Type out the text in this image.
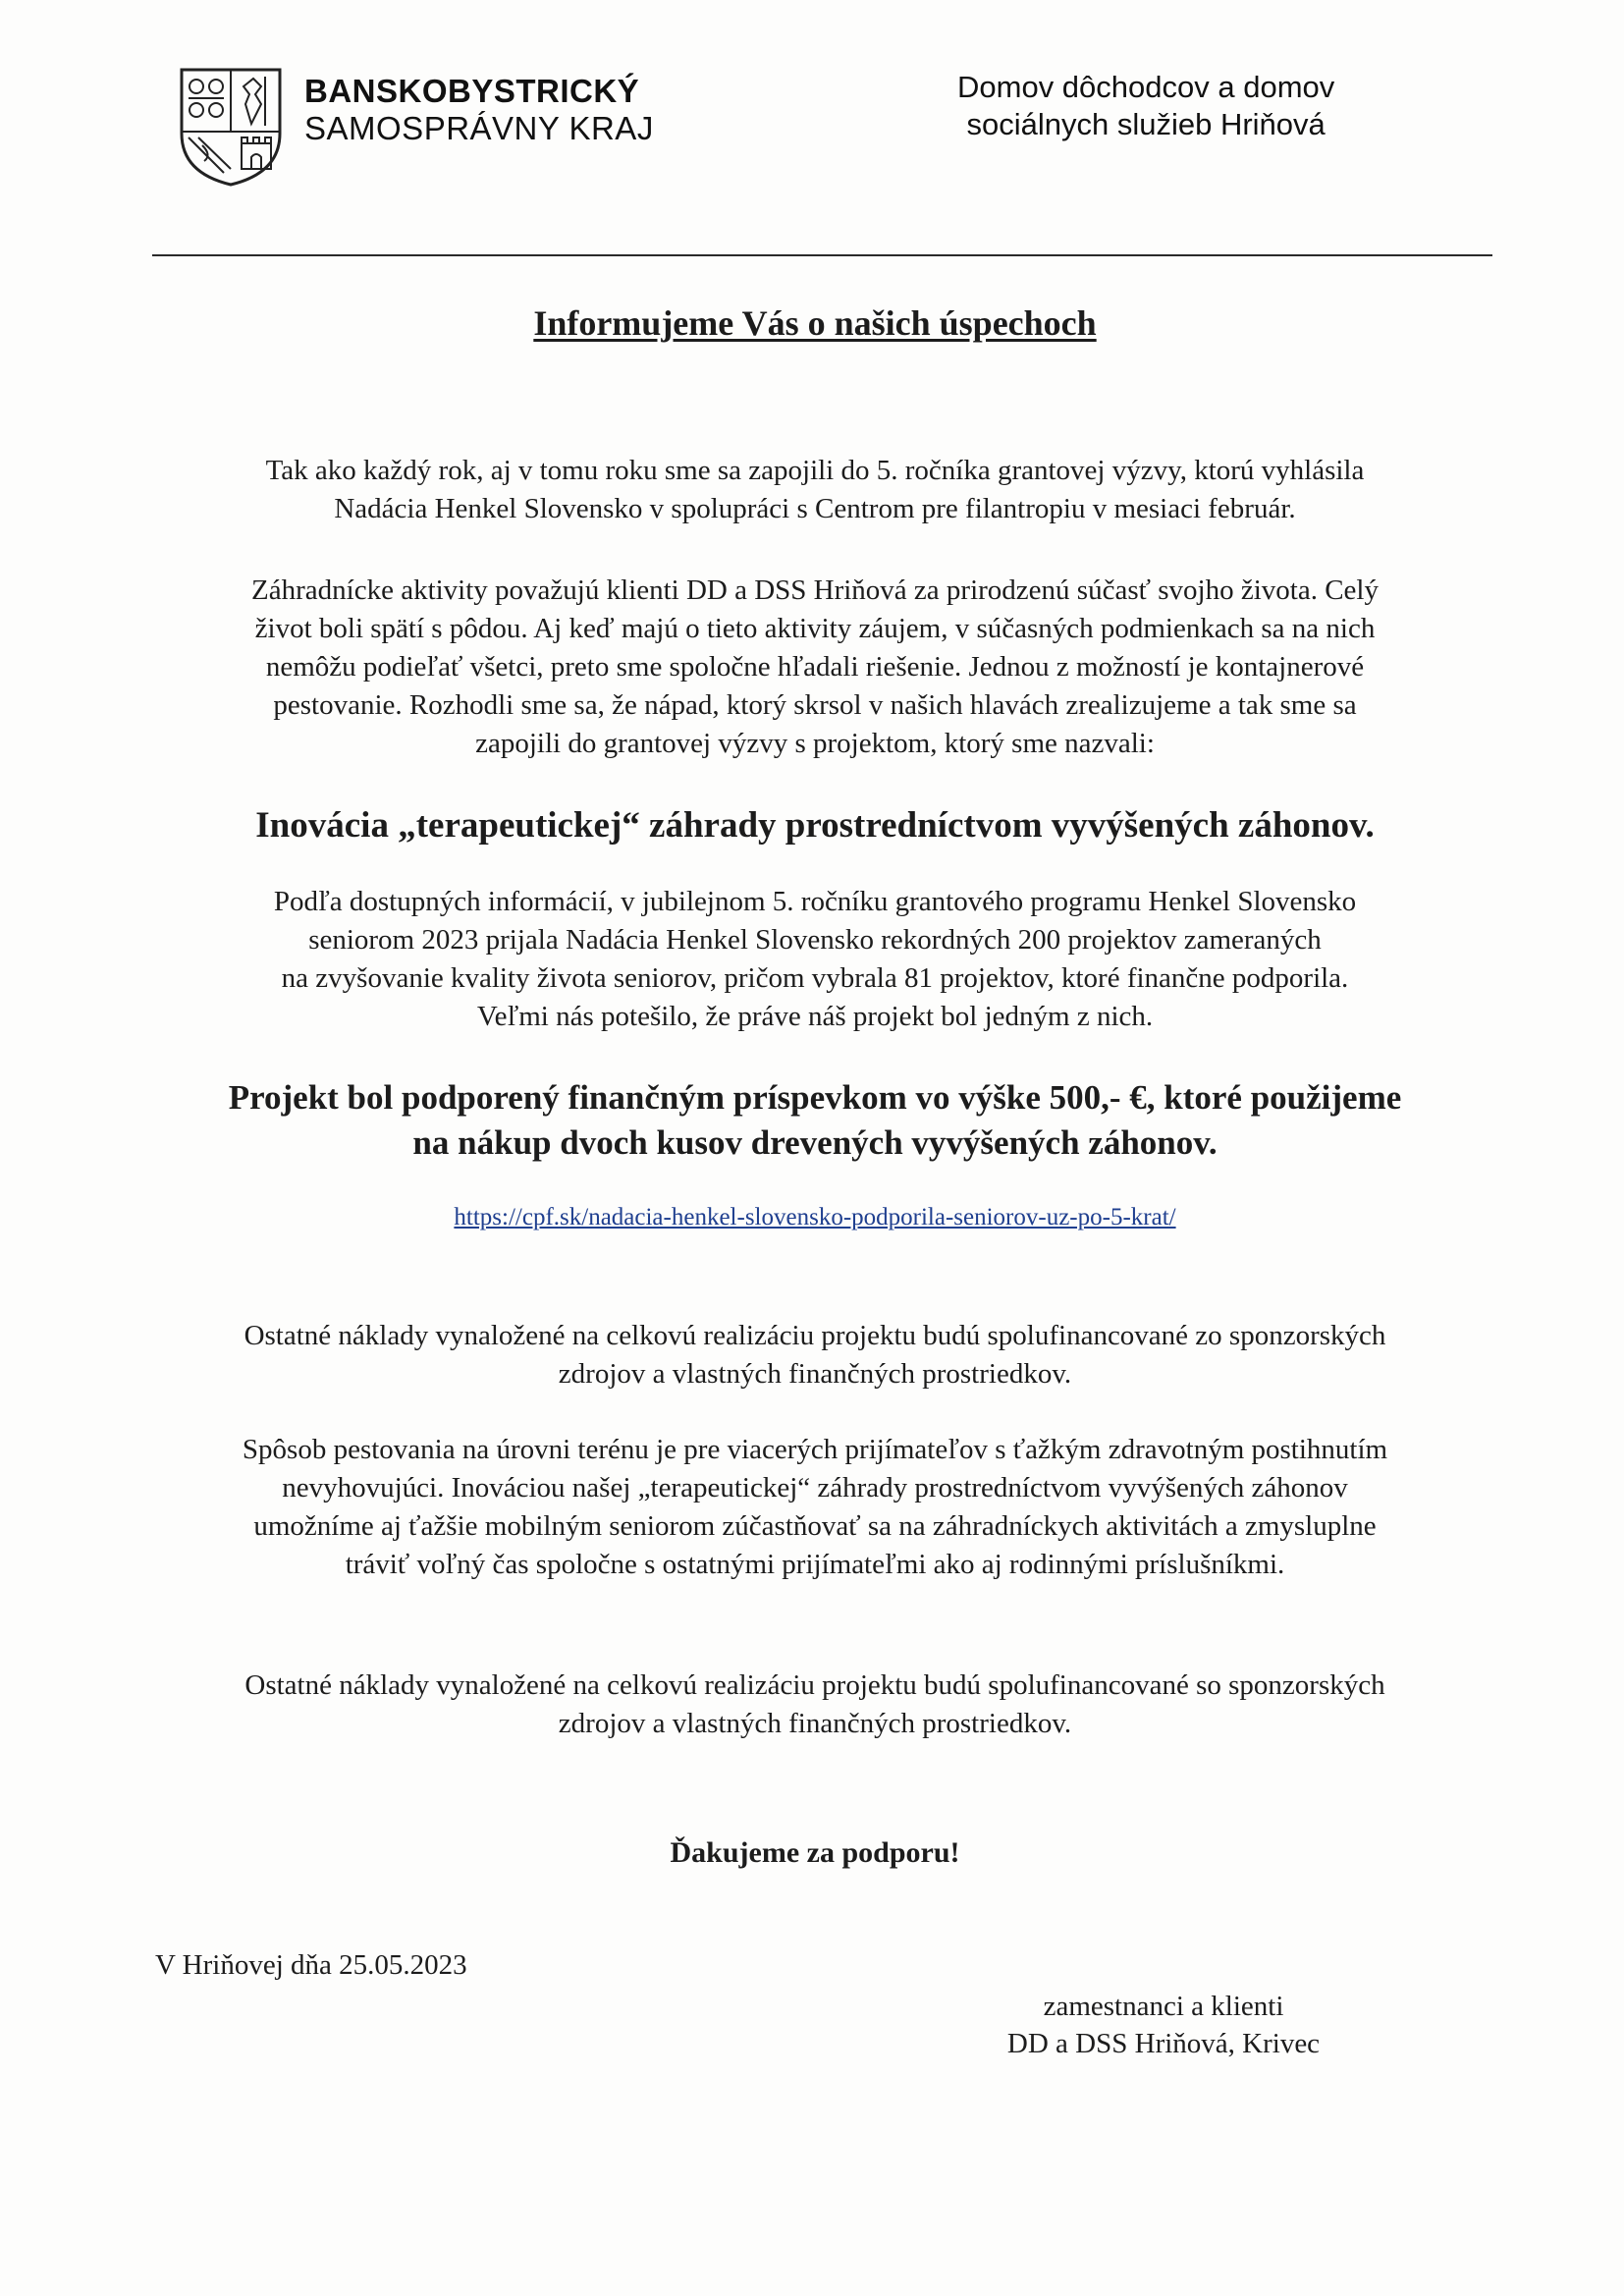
BANSKOBYSTRICKÝ
SAMOSPRÁVNY KRAJ
Domov dôchodcov a domov
sociálnych služieb Hriňová
Informujeme Vás o našich úspechoch
Tak ako každý rok, aj v tomu roku sme sa zapojili do 5. ročníka grantovej výzvy, ktorú vyhlásila
Nadácia Henkel Slovensko v spolupráci s Centrom pre filantropiu v mesiaci február.
Záhradnícke aktivity považujú klienti DD a DSS Hriňová za prirodzenú súčasť svojho života. Celý
život boli spätí s pôdou. Aj keď majú o tieto aktivity záujem, v súčasných podmienkach sa na nich
nemôžu podieľať všetci, preto sme spoločne hľadali riešenie. Jednou z možností je kontajnerové
pestovanie. Rozhodli sme sa, že nápad, ktorý skrsol v našich hlavách zrealizujeme a tak sme sa
zapojili do grantovej výzvy s projektom, ktorý sme nazvali:
Inovácia „terapeutickej“ záhrady prostredníctvom vyvýšených záhonov.
Podľa dostupných informácií, v jubilejnom 5. ročníku grantového programu Henkel Slovensko
seniorom 2023 prijala Nadácia Henkel Slovensko rekordných 200 projektov zameraných
na zvyšovanie kvality života seniorov, pričom vybrala 81 projektov, ktoré finančne podporila.
Veľmi nás potešilo, že práve náš projekt bol jedným z nich.
Projekt bol podporený finančným príspevkom vo výške 500,- €, ktoré použijeme
na nákup dvoch kusov drevených vyvýšených záhonov.
https://cpf.sk/nadacia-henkel-slovensko-podporila-seniorov-uz-po-5-krat/
Ostatné náklady vynaložené na celkovú realizáciu projektu budú spolufinancované zo sponzorských
zdrojov a vlastných finančných prostriedkov.
Spôsob pestovania na úrovni terénu je pre viacerých prijímateľov s ťažkým zdravotným postihnutím
nevyhovujúci. Inováciou našej „terapeutickej“ záhrady prostredníctvom vyvýšených záhonov
umožníme aj ťažšie mobilným seniorom zúčastňovať sa na záhradníckych aktivitách a zmysluplne
tráviť voľný čas spoločne s ostatnými prijímateľmi ako aj rodinnými príslušníkmi.
Ostatné náklady vynaložené na celkovú realizáciu projektu budú spolufinancované so sponzorských
zdrojov a vlastných finančných prostriedkov.
Ďakujeme za podporu!
V Hriňovej dňa 25.05.2023
zamestnanci a klienti
DD a DSS Hriňová, Krivec
